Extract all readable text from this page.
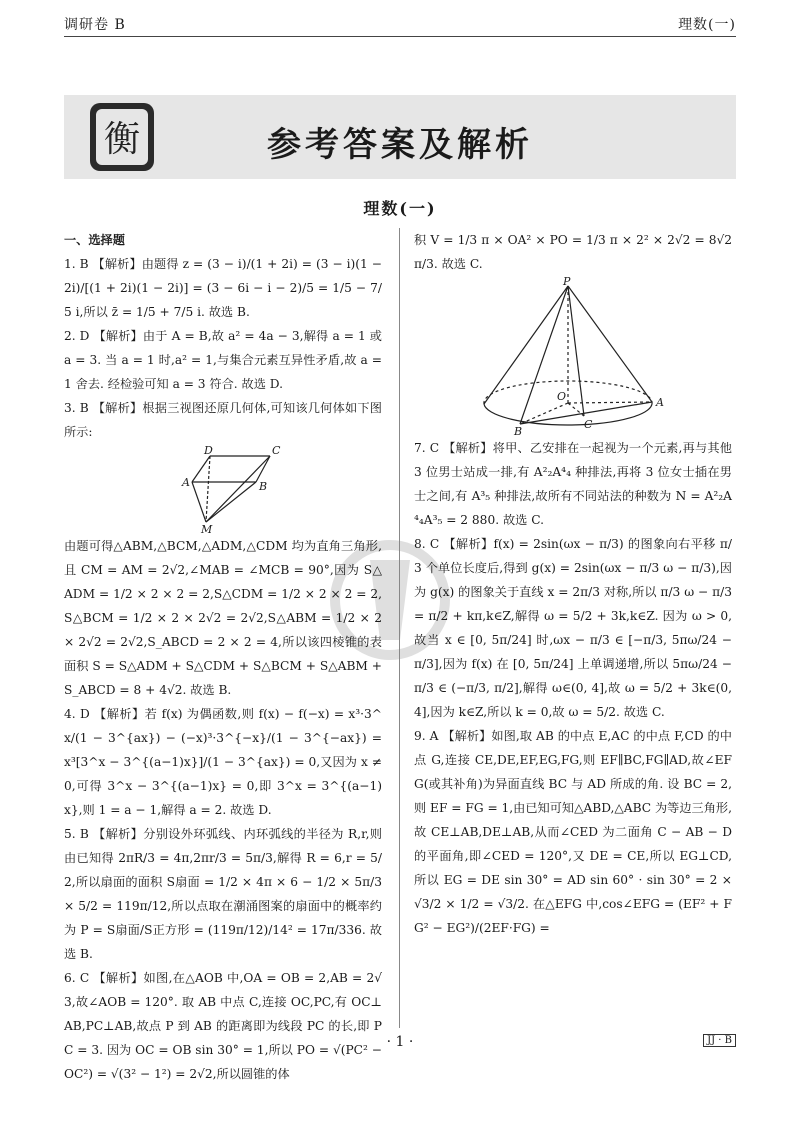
调研卷 B	理数(一)
衡	参考答案及解析
理数(一)

一、选择题

1. B 【解析】由题得 z = (3 − i)/(1 + 2i) = (3 − i)(1 − 2i)/[(1 + 2i)(1 − 2i)] = (3 − 6i − i − 2)/5 = 1/5 − 7/5 i,所以 z̄ = 1/5 + 7/5 i. 故选 B.

2. D 【解析】由于 A = B,故 a² = 4a − 3,解得 a = 1 或 a = 3. 当 a = 1 时,a² = 1,与集合元素互异性矛盾,故 a = 1 舍去. 经检验可知 a = 3 符合. 故选 D.

3. B 【解析】根据三视图还原几何体,可知该几何体如下图所示:

D	C
A	B
M

由题可得△ABM,△BCM,△ADM,△CDM 均为直角三角形,且 CM = AM = 2√2,∠MAB = ∠MCB = 90°,因为 S△ADM = 1/2 × 2 × 2 = 2,S△CDM = 1/2 × 2 × 2 = 2,S△BCM = 1/2 × 2 × 2√2 = 2√2,S△ABM = 1/2 × 2 × 2√2 = 2√2,S_ABCD = 2 × 2 = 4,所以该四棱锥的表面积 S = S△ADM + S△CDM + S△BCM + S△ABM + S_ABCD = 8 + 4√2. 故选 B.

4. D 【解析】若 f(x) 为偶函数,则 f(x) − f(−x) = x³·3^x/(1 − 3^{ax}) − (−x)³·3^{−x}/(1 − 3^{−ax}) = x³[3^x − 3^{(a−1)x}]/(1 − 3^{ax}) = 0,又因为 x ≠ 0,可得 3^x − 3^{(a−1)x} = 0,即 3^x = 3^{(a−1)x},则 1 = a − 1,解得 a = 2. 故选 D.

5. B 【解析】分别设外环弧线、内环弧线的半径为 R,r,则由已知得 2πR/3 = 4π,2πr/3 = 5π/3,解得 R = 6,r = 5/2,所以扇面的面积 S扇面 = 1/2 × 4π × 6 − 1/2 × 5π/3 × 5/2 = 119π/12,所以点取在潮涌图案的扇面中的概率约为 P = S扇面/S正方形 = (119π/12)/14² = 17π/336. 故选 B.

6. C 【解析】如图,在△AOB 中,OA = OB = 2,AB = 2√3,故∠AOB = 120°. 取 AB 中点 C,连接 OC,PC,有 OC⊥AB,PC⊥AB,故点 P 到 AB 的距离即为线段 PC 的长,即 PC = 3. 因为 OC = OB sin 30° = 1,所以 PO = √(PC² − OC²) = √(3² − 1²) = 2√2,所以圆锥的体

积 V = 1/3 π × OA² × PO = 1/3 π × 2² × 2√2 = 8√2π/3. 故选 C.

P
O	A
B
C

7. C 【解析】将甲、乙安排在一起视为一个元素,再与其他 3 位男士站成一排,有 A²₂A⁴₄ 种排法,再将 3 位女士插在男士之间,有 A³₅ 种排法,故所有不同站法的种数为 N = A²₂A⁴₄A³₅ = 2 880. 故选 C.

8. C 【解析】f(x) = 2sin(ωx − π/3) 的图象向右平移 π/3 个单位长度后,得到 g(x) = 2sin(ωx − π/3 ω − π/3),因为 g(x) 的图象关于直线 x = 2π/3 对称,所以 π/3 ω − π/3 = π/2 + kπ,k∈Z,解得 ω = 5/2 + 3k,k∈Z. 因为 ω > 0,故当 x ∈ [0, 5π/24] 时,ωx − π/3 ∈ [−π/3, 5πω/24 − π/3],因为 f(x) 在 [0, 5π/24] 上单调递增,所以 5πω/24 − π/3 ∈ (−π/3, π/2],解得 ω∈(0, 4],故 ω = 5/2 + 3k∈(0, 4],因为 k∈Z,所以 k = 0,故 ω = 5/2. 故选 C.

9. A 【解析】如图,取 AB 的中点 E,AC 的中点 F,CD 的中点 G,连接 CE,DE,EF,EG,FG,则 EF∥BC,FG∥AD,故∠EFG(或其补角)为异面直线 BC 与 AD 所成的角. 设 BC = 2,则 EF = FG = 1,由已知可知△ABD,△ABC 为等边三角形,故 CE⊥AB,DE⊥AB,从而∠CED 为二面角 C − AB − D 的平面角,即∠CED = 120°,又 DE = CE,所以 EG⊥CD,所以 EG = DE sin 30° = AD sin 60° · sin 30° = 2 × √3/2 × 1/2 = √3/2. 在△EFG 中,cos∠EFG = (EF² + FG² − EG²)/(2EF·FG) =

· 1 ·	JJ · B
